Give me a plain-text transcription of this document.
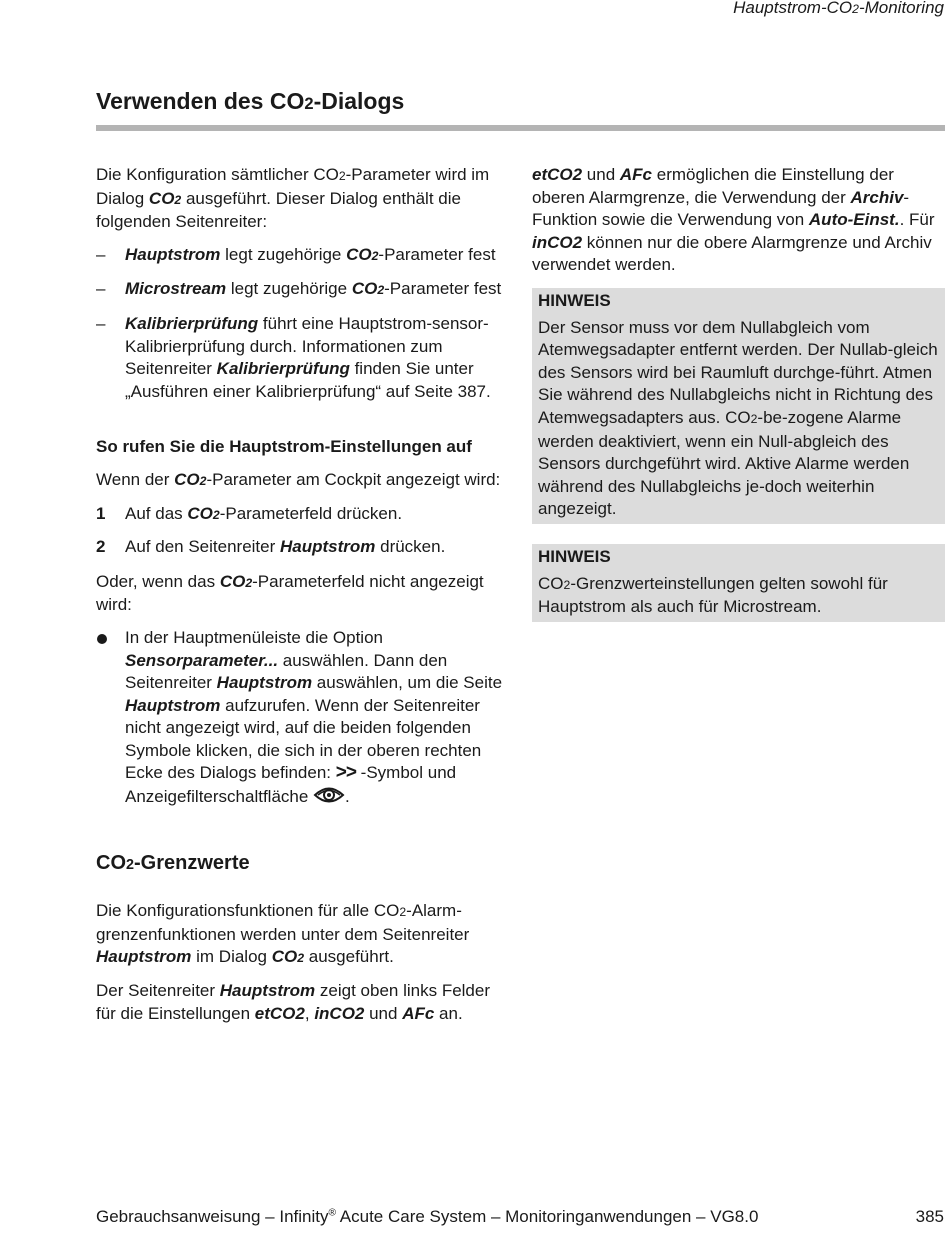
Hauptstrom-CO2-Monitoring
Verwenden des CO2-Dialogs

Die Konfiguration sämtlicher CO2-Parameter wird im Dialog CO2 ausgeführt. Dieser Dialog enthält die folgenden Seitenreiter:

– Hauptstrom legt zugehörige CO2-Parameter fest
– Microstream legt zugehörige CO2-Parameter fest
– Kalibrierprüfung führt eine Hauptstrom-sensor-Kalibrierprüfung durch. Informationen zum Seitenreiter Kalibrierprüfung finden Sie unter „Ausführen einer Kalibrierprüfung“ auf Seite 387.

So rufen Sie die Hauptstrom-Einstellungen auf

Wenn der CO2-Parameter am Cockpit angezeigt wird:

1 Auf das CO2-Parameterfeld drücken.
2 Auf den Seitenreiter Hauptstrom drücken.

Oder, wenn das CO2-Parameterfeld nicht angezeigt wird:

In der Hauptmenüleiste die Option Sensorparameter... auswählen. Dann den Seitenreiter Hauptstrom auswählen, um die Seite Hauptstrom aufzurufen. Wenn der Seitenreiter nicht angezeigt wird, auf die beiden folgenden Symbole klicken, die sich in der oberen rechten Ecke des Dialogs befinden: >> -Symbol und Anzeigefilterschaltfläche .

CO2-Grenzwerte

Die Konfigurationsfunktionen für alle CO2-Alarm-grenzenfunktionen werden unter dem Seitenreiter Hauptstrom im Dialog CO2 ausgeführt.

Der Seitenreiter Hauptstrom zeigt oben links Felder für die Einstellungen etCO2, inCO2 und AFc an.

etCO2 und AFc ermöglichen die Einstellung der oberen Alarmgrenze, die Verwendung der Archiv-Funktion sowie die Verwendung von Auto-Einst.. Für inCO2 können nur die obere Alarmgrenze und Archiv verwendet werden.

HINWEIS
Der Sensor muss vor dem Nullabgleich vom Atemwegsadapter entfernt werden. Der Nullab-gleich des Sensors wird bei Raumluft durchge-führt. Atmen Sie während des Nullabgleichs nicht in Richtung des Atemwegsadapters aus. CO2-be-zogene Alarme werden deaktiviert, wenn ein Null-abgleich des Sensors durchgeführt wird. Aktive Alarme werden während des Nullabgleichs je-doch weiterhin angezeigt.
HINWEIS
CO2-Grenzwerteinstellungen gelten sowohl für Hauptstrom als auch für Microstream.
Gebrauchsanweisung – Infinity® Acute Care System – Monitoringanwendungen – VG8.0	385
